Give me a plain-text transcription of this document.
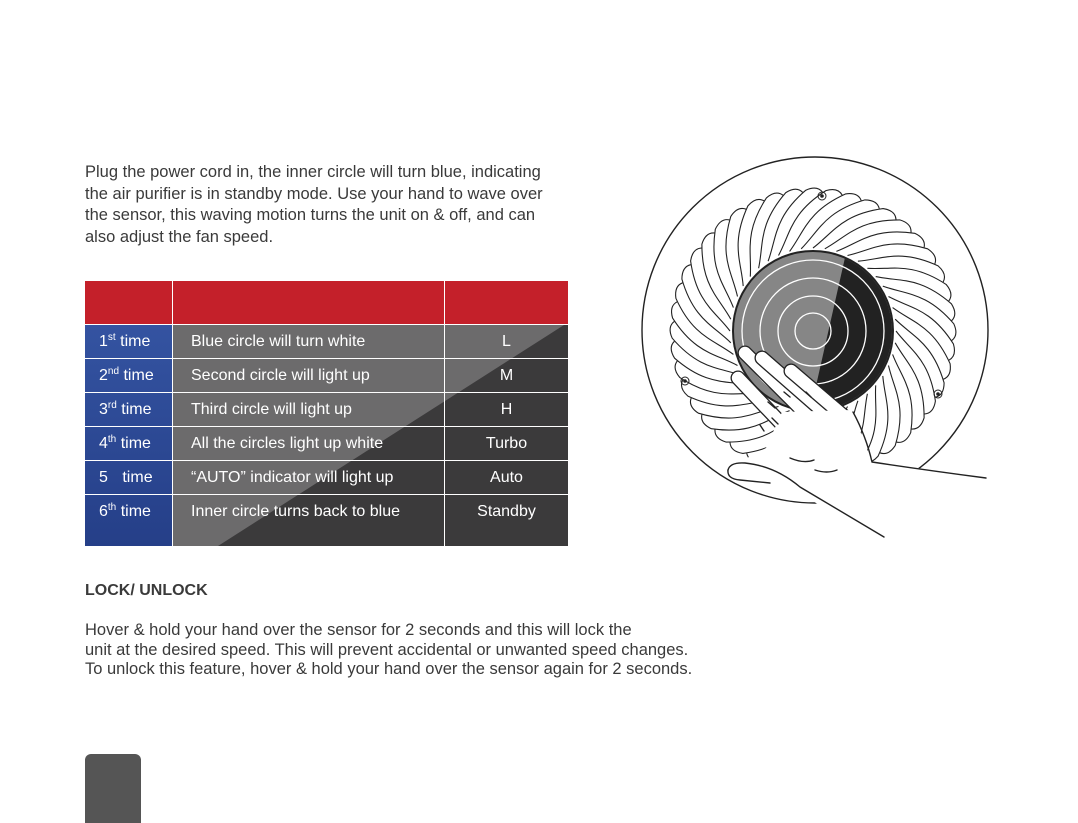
Plug the power cord in, the inner circle will turn blue, indicating
the air purifier is in standby mode. Use your hand to wave over
the sensor, this waving motion turns the unit on & off, and can
also adjust the fan speed.
1st time	Blue circle will turn white	L
2nd time	Second circle will light up	M
3rd time	Third circle will light up	H
4th time	All the circles light up white	Turbo
5 time	“AUTO” indicator will light up	Auto
6th time	Inner circle turns back to blue	Standby
LOCK/ UNLOCK
Hover & hold your hand over the sensor for 2 seconds and this will lock the
unit at the desired speed. This will prevent accidental or unwanted speed changes.
To unlock this feature, hover & hold your hand over the sensor again for 2 seconds.
